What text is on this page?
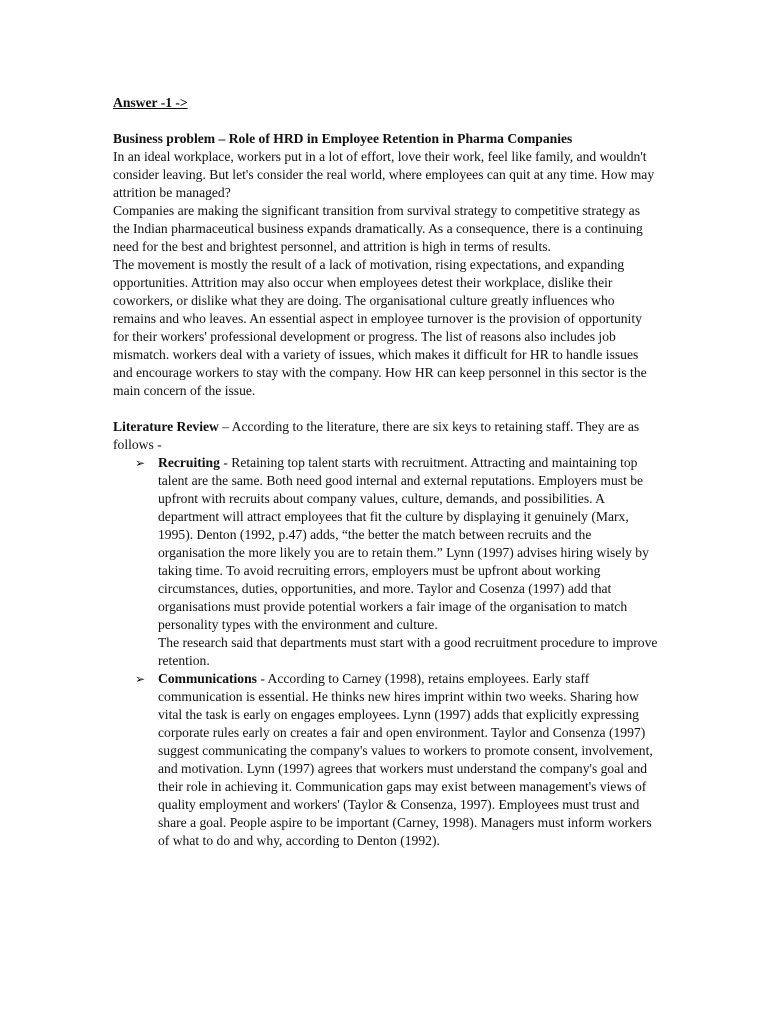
Answer -1 ->

Business problem – Role of HRD in Employee Retention in Pharma Companies

In an ideal workplace, workers put in a lot of effort, love their work, feel like family, and wouldn't consider leaving. But let's consider the real world, where employees can quit at any time. How may attrition be managed?

Companies are making the significant transition from survival strategy to competitive strategy as the Indian pharmaceutical business expands dramatically. As a consequence, there is a continuing need for the best and brightest personnel, and attrition is high in terms of results.

The movement is mostly the result of a lack of motivation, rising expectations, and expanding opportunities. Attrition may also occur when employees detest their workplace, dislike their coworkers, or dislike what they are doing. The organisational culture greatly influences who remains and who leaves. An essential aspect in employee turnover is the provision of opportunity for their workers' professional development or progress. The list of reasons also includes job mismatch. workers deal with a variety of issues, which makes it difficult for HR to handle issues and encourage workers to stay with the company. How HR can keep personnel in this sector is the main concern of the issue.

Literature Review – According to the literature, there are six keys to retaining staff. They are as follows -

➢ Recruiting - Retaining top talent starts with recruitment. Attracting and maintaining top talent are the same. Both need good internal and external reputations. Employers must be upfront with recruits about company values, culture, demands, and possibilities. A department will attract employees that fit the culture by displaying it genuinely (Marx, 1995). Denton (1992, p.47) adds, “the better the match between recruits and the organisation the more likely you are to retain them.” Lynn (1997) advises hiring wisely by taking time. To avoid recruiting errors, employers must be upfront about working circumstances, duties, opportunities, and more. Taylor and Cosenza (1997) add that organisations must provide potential workers a fair image of the organisation to match personality types with the environment and culture.

The research said that departments must start with a good recruitment procedure to improve retention.

➢ Communications - According to Carney (1998), retains employees. Early staff communication is essential. He thinks new hires imprint within two weeks. Sharing how vital the task is early on engages employees. Lynn (1997) adds that explicitly expressing corporate rules early on creates a fair and open environment. Taylor and Consenza (1997) suggest communicating the company's values to workers to promote consent, involvement, and motivation. Lynn (1997) agrees that workers must understand the company's goal and their role in achieving it. Communication gaps may exist between management's views of quality employment and workers' (Taylor & Consenza, 1997). Employees must trust and share a goal. People aspire to be important (Carney, 1998). Managers must inform workers of what to do and why, according to Denton (1992).
